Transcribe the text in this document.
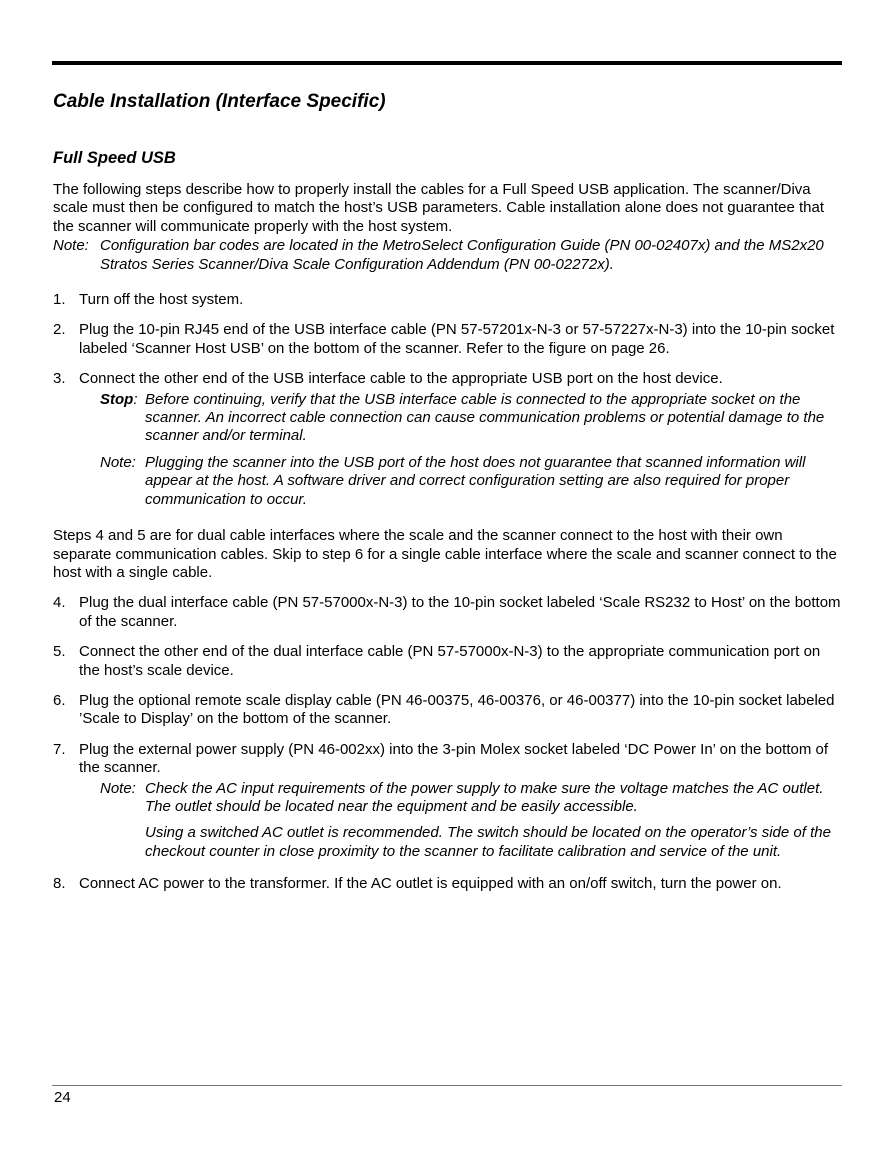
Cable Installation (Interface Specific)
Full Speed USB

The following steps describe how to properly install the cables for a Full Speed USB application. The scanner/Diva scale must then be configured to match the host’s USB parameters. Cable installation alone does not guarantee that the scanner will communicate properly with the host system.

Note: Configuration bar codes are located in the MetroSelect Configuration Guide (PN 00-02407x) and the MS2x20 Stratos Series Scanner/Diva Scale Configuration Addendum (PN 00-02272x).
1. Turn off the host system.
2. Plug the 10-pin RJ45 end of the USB interface cable (PN 57-57201x-N-3 or 57-57227x-N-3) into the 10-pin socket labeled ‘Scanner Host USB’ on the bottom of the scanner. Refer to the figure on page 26.
3. Connect the other end of the USB interface cable to the appropriate USB port on the host device.
Stop: Before continuing, verify that the USB interface cable is connected to the appropriate socket on the scanner. An incorrect cable connection can cause communication problems or potential damage to the scanner and/or terminal.
Note: Plugging the scanner into the USB port of the host does not guarantee that scanned information will appear at the host. A software driver and correct configuration setting are also required for proper communication to occur.

Steps 4 and 5 are for dual cable interfaces where the scale and the scanner connect to the host with their own separate communication cables. Skip to step 6 for a single cable interface where the scale and scanner connect to the host with a single cable.

4. Plug the dual interface cable (PN 57-57000x-N-3) to the 10-pin socket labeled ‘Scale RS232 to Host’ on the bottom of the scanner.
5. Connect the other end of the dual interface cable (PN 57-57000x-N-3) to the appropriate communication port on the host’s scale device.
6. Plug the optional remote scale display cable (PN 46-00375, 46-00376, or 46-00377) into the 10-pin socket labeled ’Scale to Display’ on the bottom of the scanner.
7. Plug the external power supply (PN 46-002xx) into the 3-pin Molex socket labeled ‘DC Power In’ on the bottom of the scanner.
Note: Check the AC input requirements of the power supply to make sure the voltage matches the AC outlet. The outlet should be located near the equipment and be easily accessible.

Using a switched AC outlet is recommended. The switch should be located on the operator’s side of the checkout counter in close proximity to the scanner to facilitate calibration and service of the unit.

8. Connect AC power to the transformer. If the AC outlet is equipped with an on/off switch, turn the power on.
24
